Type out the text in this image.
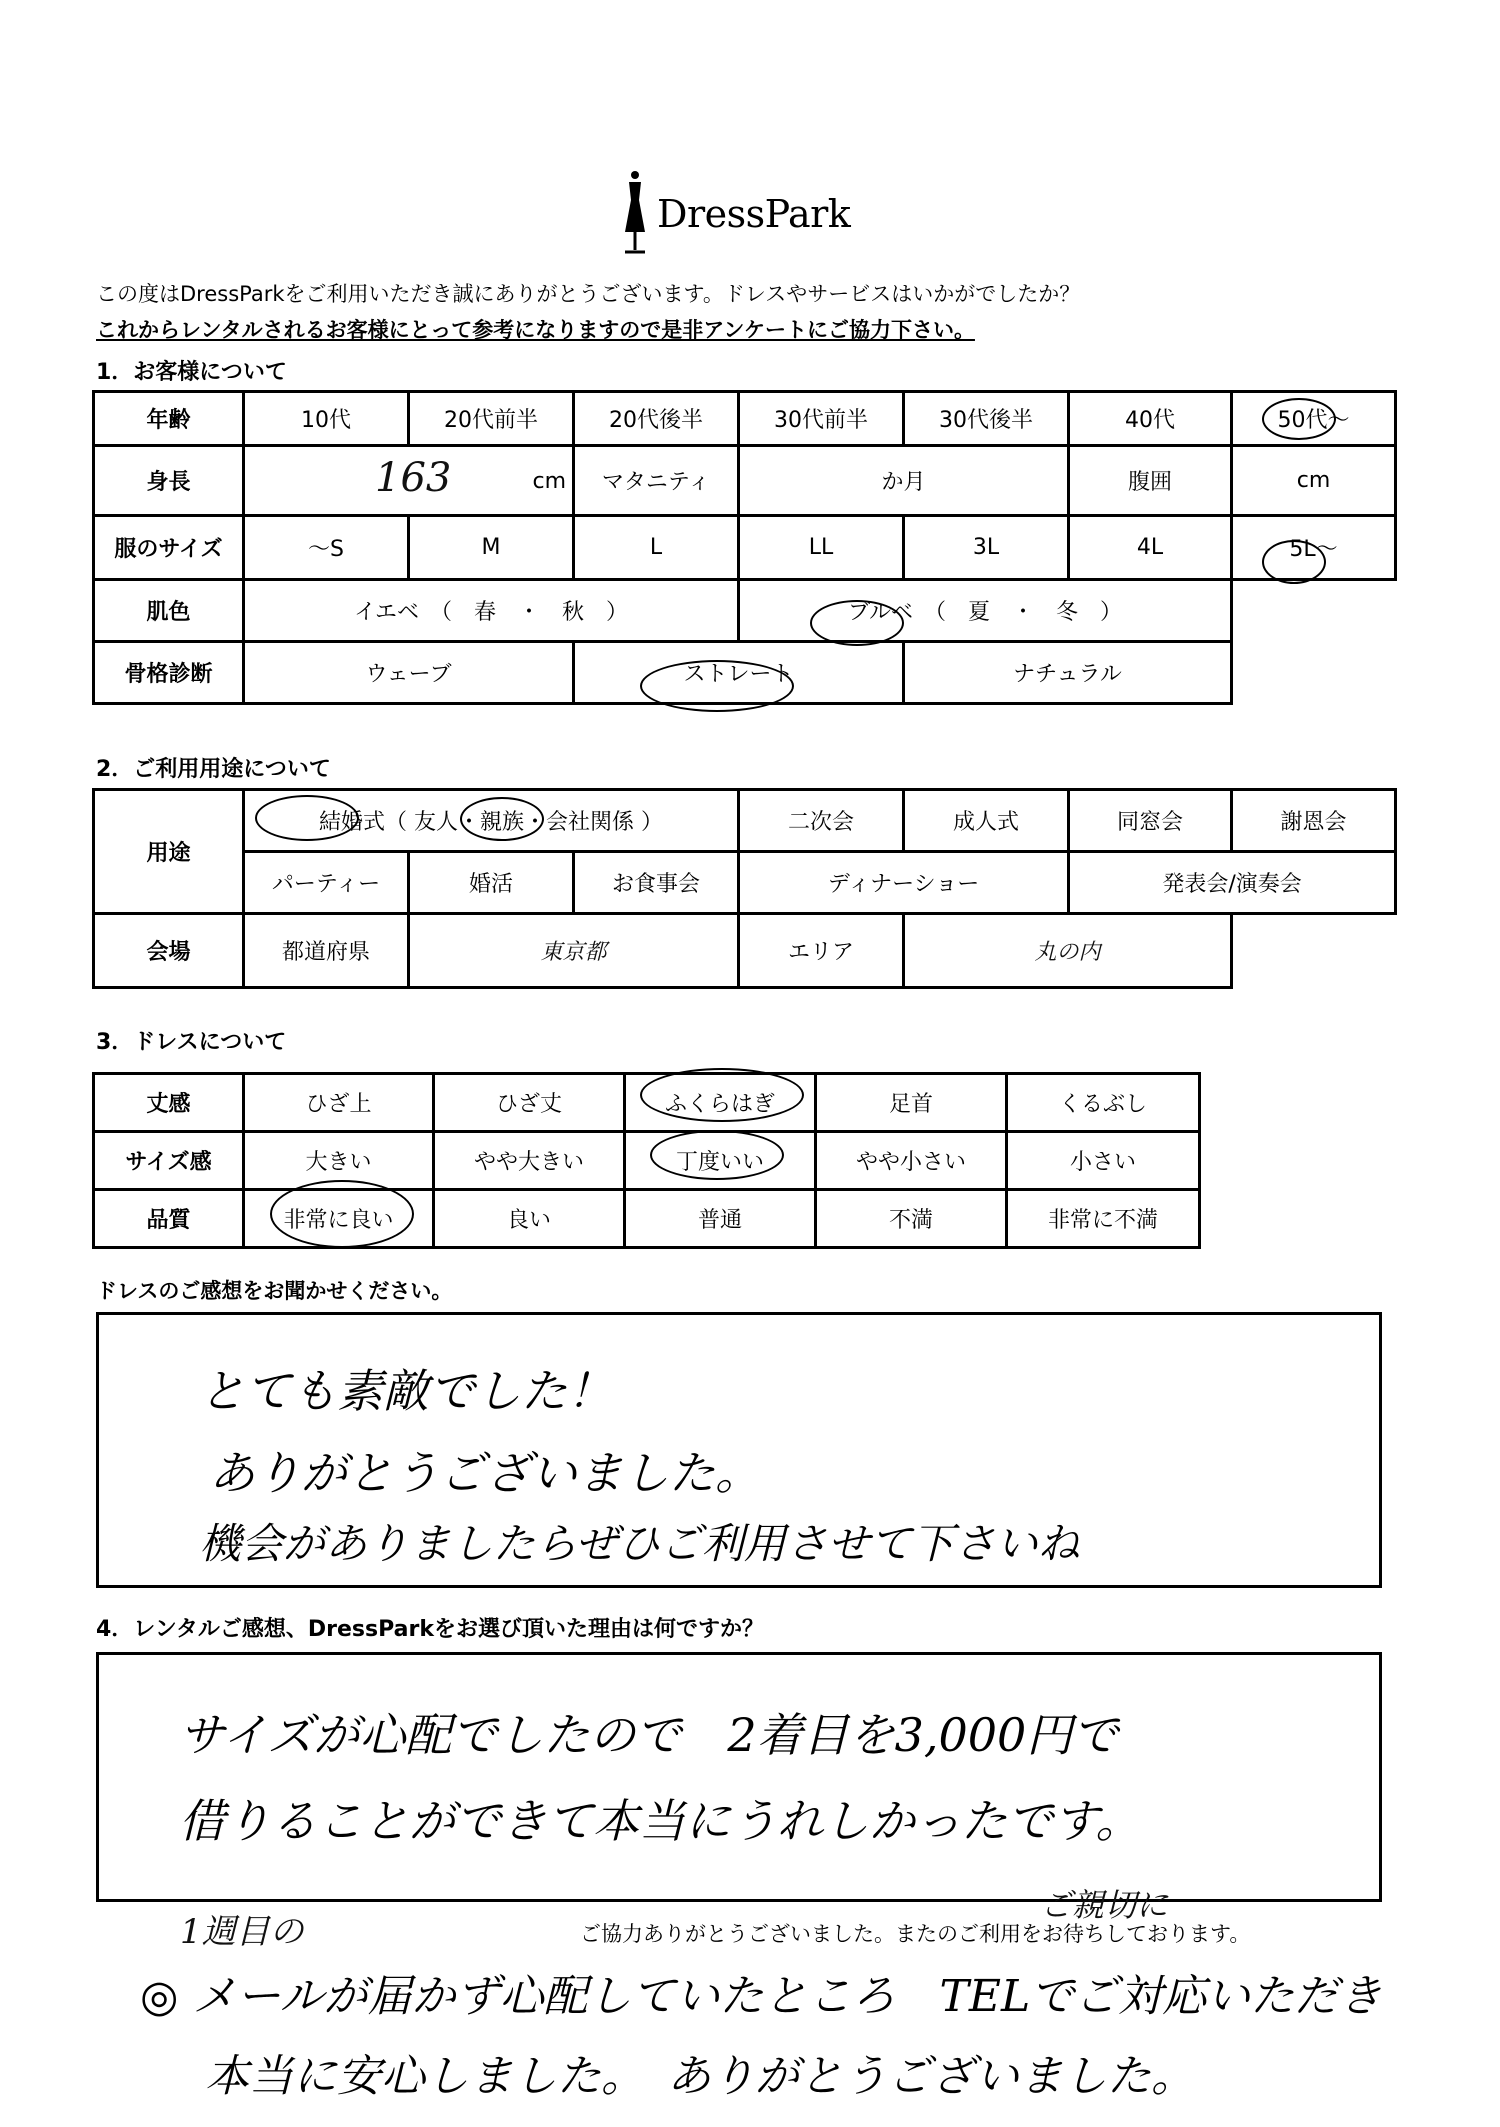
DressPark
この度はDressParkをご利用いただき誠にありがとうございます。ドレスやサービスはいかがでしたか？
これからレンタルされるお客様にとって参考になりますので是非アンケートにご協力下さい。
1．お客様について
年齢	10代	20代前半	20代後半	30代前半	30代後半	40代	50代～
身長	163 cm		マタニティ	か月		腹囲	cm
服のサイズ	～S	M	L	LL	3L	4L	5L～
肌色	イエベ　（　春　・　秋　）			ブルベ　（　夏　・　冬　）			
骨格診断	ウェーブ		ストレート		ナチュラル		
2．ご利用用途について
用途	結婚式（ 友人・親族・会社関係 ）			二次会	成人式	同窓会	謝恩会
	パーティー	婚活	お食事会	ディナーショー		発表会/演奏会	
会場	都道府県	東京都		エリア	丸の内		
3．ドレスについて
丈感	ひざ上	ひざ丈	ふくらはぎ	足首	くるぶし
サイズ感	大きい	やや大きい	丁度いい	やや小さい	小さい
品質	非常に良い	良い	普通	不満	非常に不満
ドレスのご感想をお聞かせください。
とても素敵でした！
ありがとうございました。
機会がありましたらぜひご利用させて下さいね
4．レンタルご感想、DressParkをお選び頂いた理由は何ですか？
サイズが心配でしたので　2着目を3,000円で
借りることができて本当にうれしかったです。
ご親切に
ご協力ありがとうございました。またのご利用をお待ちしております。
1週目の
◎ メールが届かず心配していたところ　TELでご対応いただき
本当に安心しました。　ありがとうございました。
